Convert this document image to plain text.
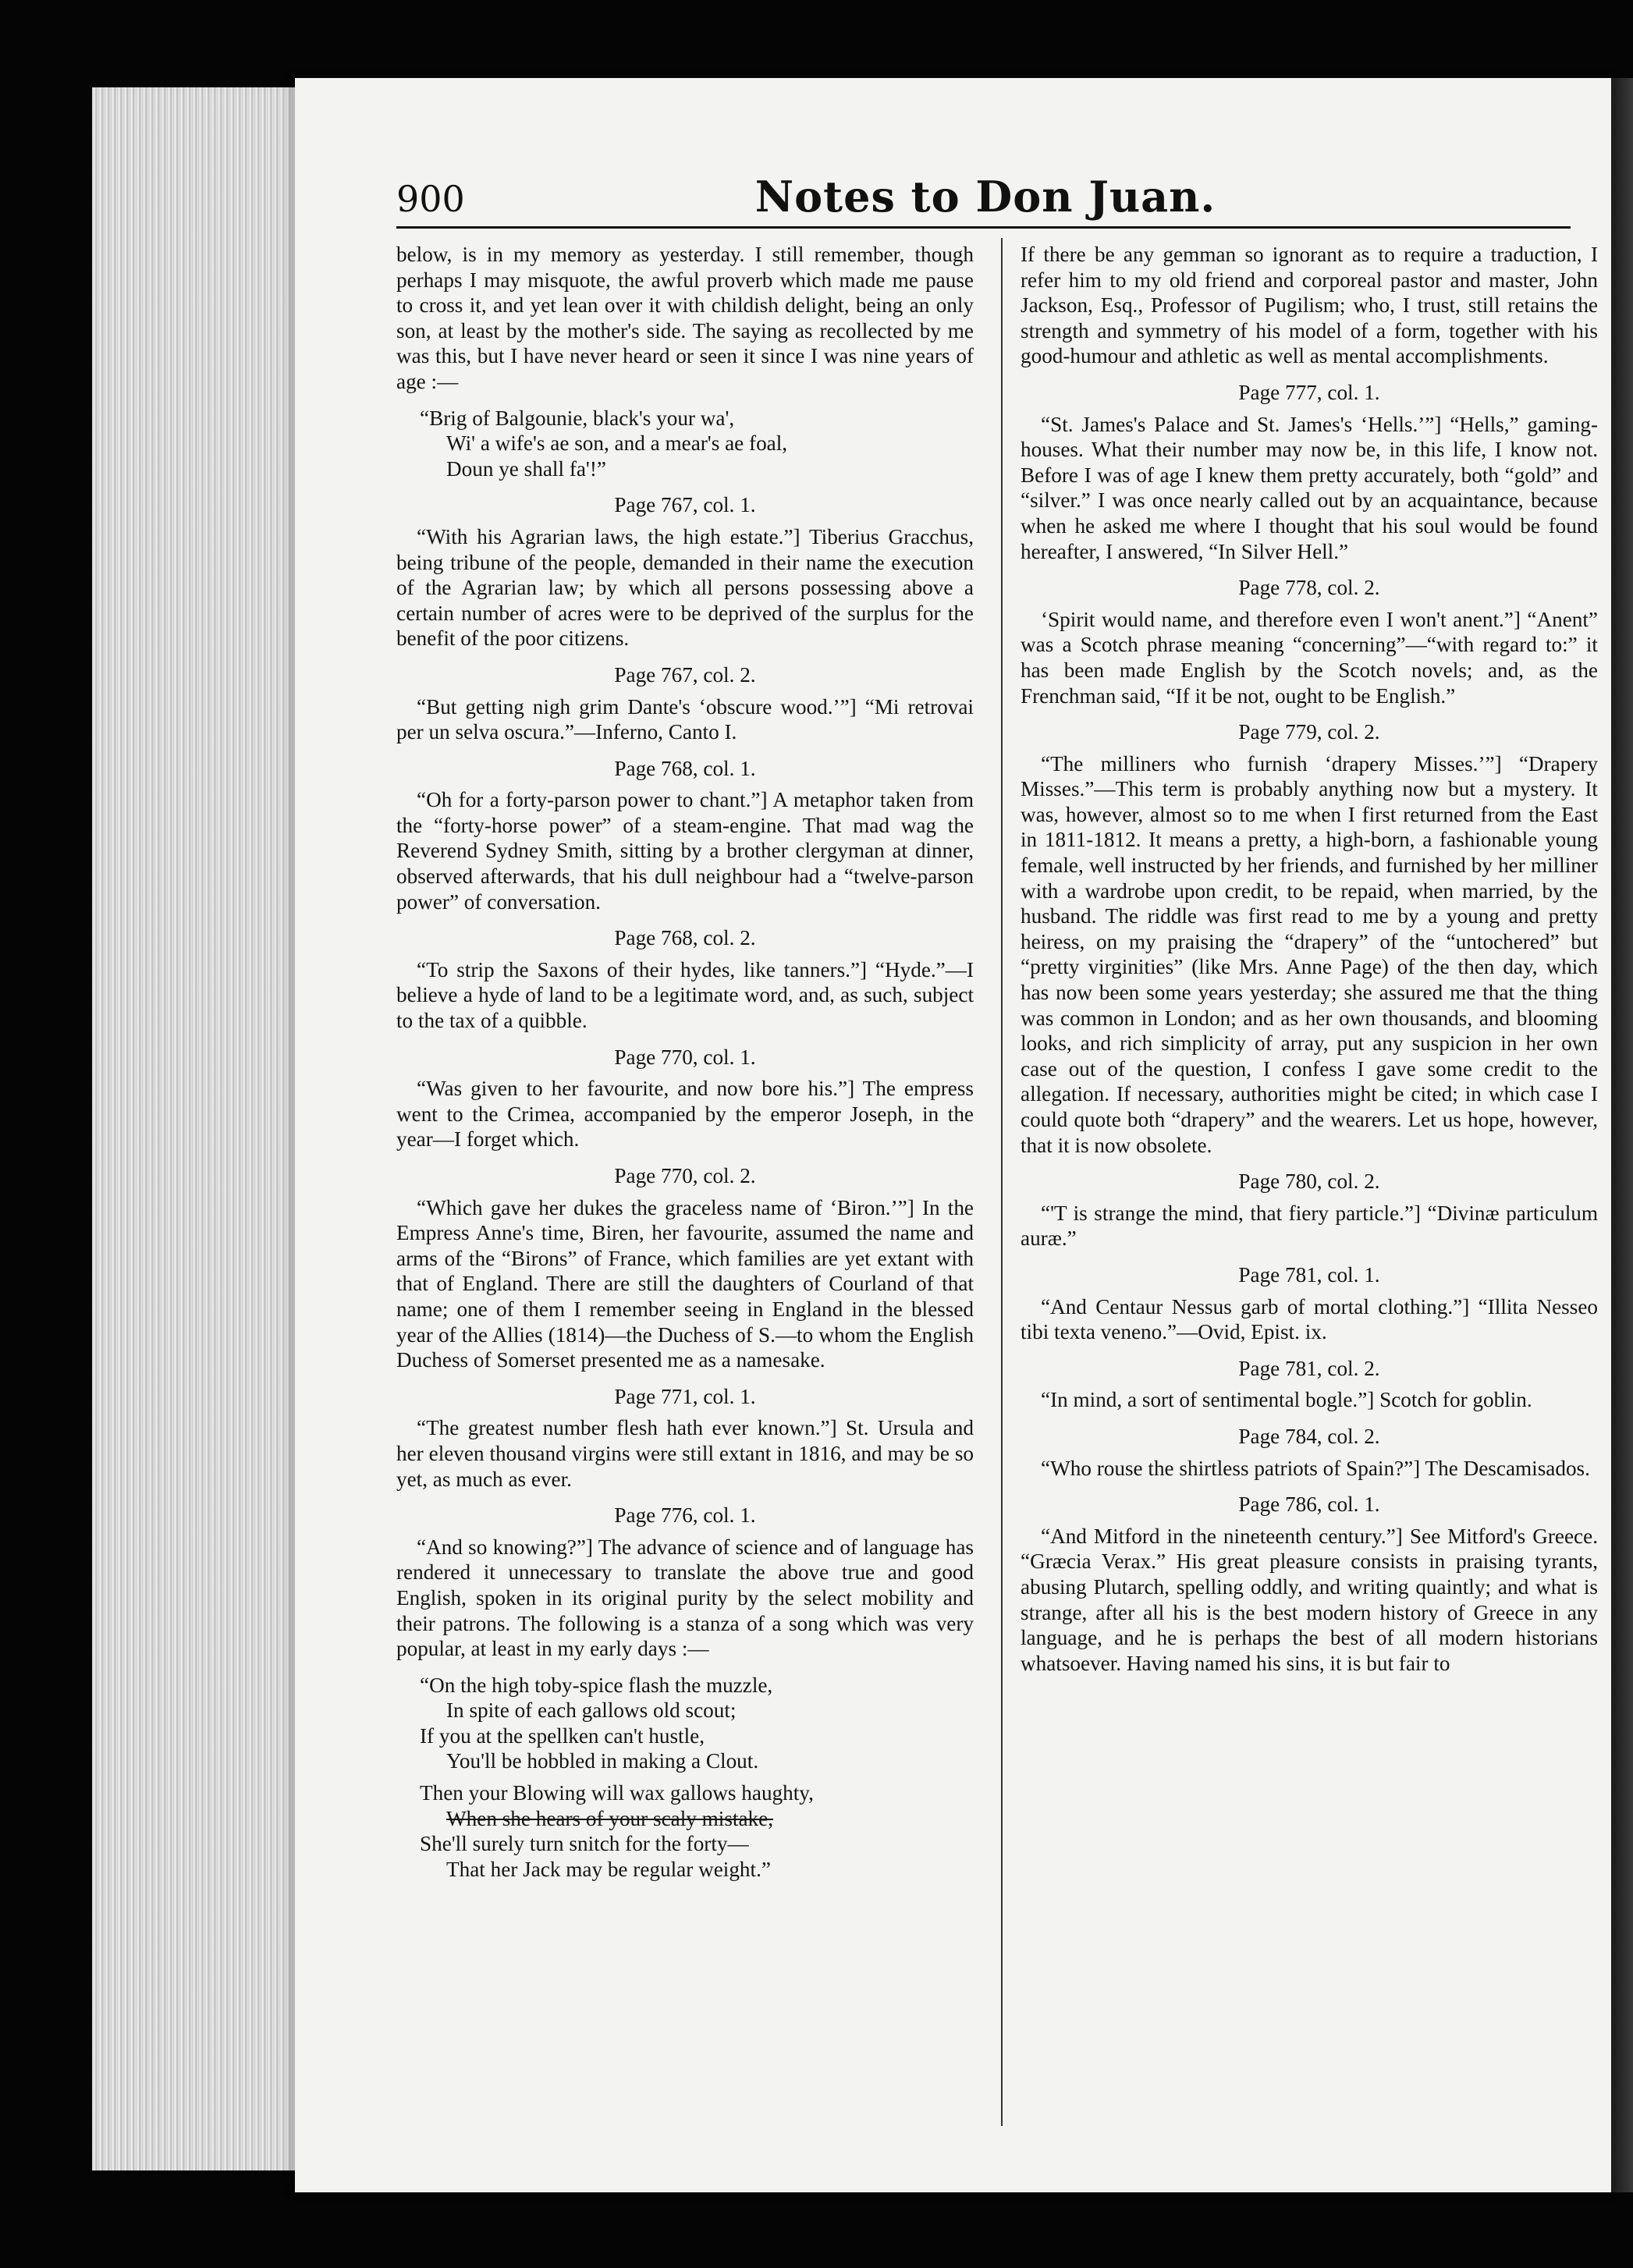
900	Notes to Don Juan.
below, is in my memory as yesterday. I still remember, though perhaps I may misquote, the awful proverb which made me pause to cross it, and yet lean over it with childish delight, being an only son, at least by the mother's side. The saying as recollected by me was this, but I have never heard or seen it since I was nine years of age :—
“Brig of Balgounie, black's your wa',
Wi' a wife's ae son, and a mear's ae foal,
Doun ye shall fa'!”
Page 767, col. 1.
“With his Agrarian laws, the high estate.”] Tiberius Gracchus, being tribune of the people, demanded in their name the execution of the Agrarian law; by which all persons possessing above a certain number of acres were to be deprived of the surplus for the benefit of the poor citizens.
Page 767, col. 2.
“But getting nigh grim Dante's ‘obscure wood.’”] “Mi retrovai per un selva oscura.”—Inferno, Canto I.
Page 768, col. 1.
“Oh for a forty-parson power to chant.”] A metaphor taken from the “forty-horse power” of a steam-engine. That mad wag the Reverend Sydney Smith, sitting by a brother clergyman at dinner, observed afterwards, that his dull neighbour had a “twelve-parson power” of conversation.
Page 768, col. 2.
“To strip the Saxons of their hydes, like tanners.”] “Hyde.”—I believe a hyde of land to be a legitimate word, and, as such, subject to the tax of a quibble.
Page 770, col. 1.
“Was given to her favourite, and now bore his.”] The empress went to the Crimea, accompanied by the emperor Joseph, in the year—I forget which.
Page 770, col. 2.
“Which gave her dukes the graceless name of ‘Biron.’”] In the Empress Anne's time, Biren, her favourite, assumed the name and arms of the “Birons” of France, which families are yet extant with that of England. There are still the daughters of Courland of that name; one of them I remember seeing in England in the blessed year of the Allies (1814)—the Duchess of S.—to whom the English Duchess of Somerset presented me as a namesake.
Page 771, col. 1.
“The greatest number flesh hath ever known.”] St. Ursula and her eleven thousand virgins were still extant in 1816, and may be so yet, as much as ever.
Page 776, col. 1.
“And so knowing?”] The advance of science and of language has rendered it unnecessary to translate the above true and good English, spoken in its original purity by the select mobility and their patrons. The following is a stanza of a song which was very popular, at least in my early days :—
“On the high toby-spice flash the muzzle,
In spite of each gallows old scout;
If you at the spellken can't hustle,
You'll be hobbled in making a Clout.
Then your Blowing will wax gallows haughty,
When she hears of your scaly mistake,
She'll surely turn snitch for the forty—
That her Jack may be regular weight.”
If there be any gemman so ignorant as to require a traduction, I refer him to my old friend and corporeal pastor and master, John Jackson, Esq., Professor of Pugilism; who, I trust, still retains the strength and symmetry of his model of a form, together with his good-humour and athletic as well as mental accomplishments.
Page 777, col. 1.
“St. James's Palace and St. James's ‘Hells.’”] “Hells,” gaming-houses. What their number may now be, in this life, I know not. Before I was of age I knew them pretty accurately, both “gold” and “silver.” I was once nearly called out by an acquaintance, because when he asked me where I thought that his soul would be found hereafter, I answered, “In Silver Hell.”
Page 778, col. 2.
‘Spirit would name, and therefore even I won't anent.”] “Anent” was a Scotch phrase meaning “concerning”—“with regard to:” it has been made English by the Scotch novels; and, as the Frenchman said, “If it be not, ought to be English.”
Page 779, col. 2.
“The milliners who furnish ‘drapery Misses.’”] “Drapery Misses.”—This term is probably anything now but a mystery. It was, however, almost so to me when I first returned from the East in 1811-1812. It means a pretty, a high-born, a fashionable young female, well instructed by her friends, and furnished by her milliner with a wardrobe upon credit, to be repaid, when married, by the husband. The riddle was first read to me by a young and pretty heiress, on my praising the “drapery” of the “untochered” but “pretty virginities” (like Mrs. Anne Page) of the then day, which has now been some years yesterday; she assured me that the thing was common in London; and as her own thousands, and blooming looks, and rich simplicity of array, put any suspicion in her own case out of the question, I confess I gave some credit to the allegation. If necessary, authorities might be cited; in which case I could quote both “drapery” and the wearers. Let us hope, however, that it is now obsolete.
Page 780, col. 2.
“'T is strange the mind, that fiery particle.”] “Divinæ particulum auræ.”
Page 781, col. 1.
“And Centaur Nessus garb of mortal clothing.”] “Illita Nesseo tibi texta veneno.”—Ovid, Epist. ix.
Page 781, col. 2.
“In mind, a sort of sentimental bogle.”] Scotch for goblin.
Page 784, col. 2.
“Who rouse the shirtless patriots of Spain?”] The Descamisados.
Page 786, col. 1.
“And Mitford in the nineteenth century.”] See Mitford's Greece. “Græcia Verax.” His great pleasure consists in praising tyrants, abusing Plutarch, spelling oddly, and writing quaintly; and what is strange, after all his is the best modern history of Greece in any language, and he is perhaps the best of all modern historians whatsoever. Having named his sins, it is but fair to
